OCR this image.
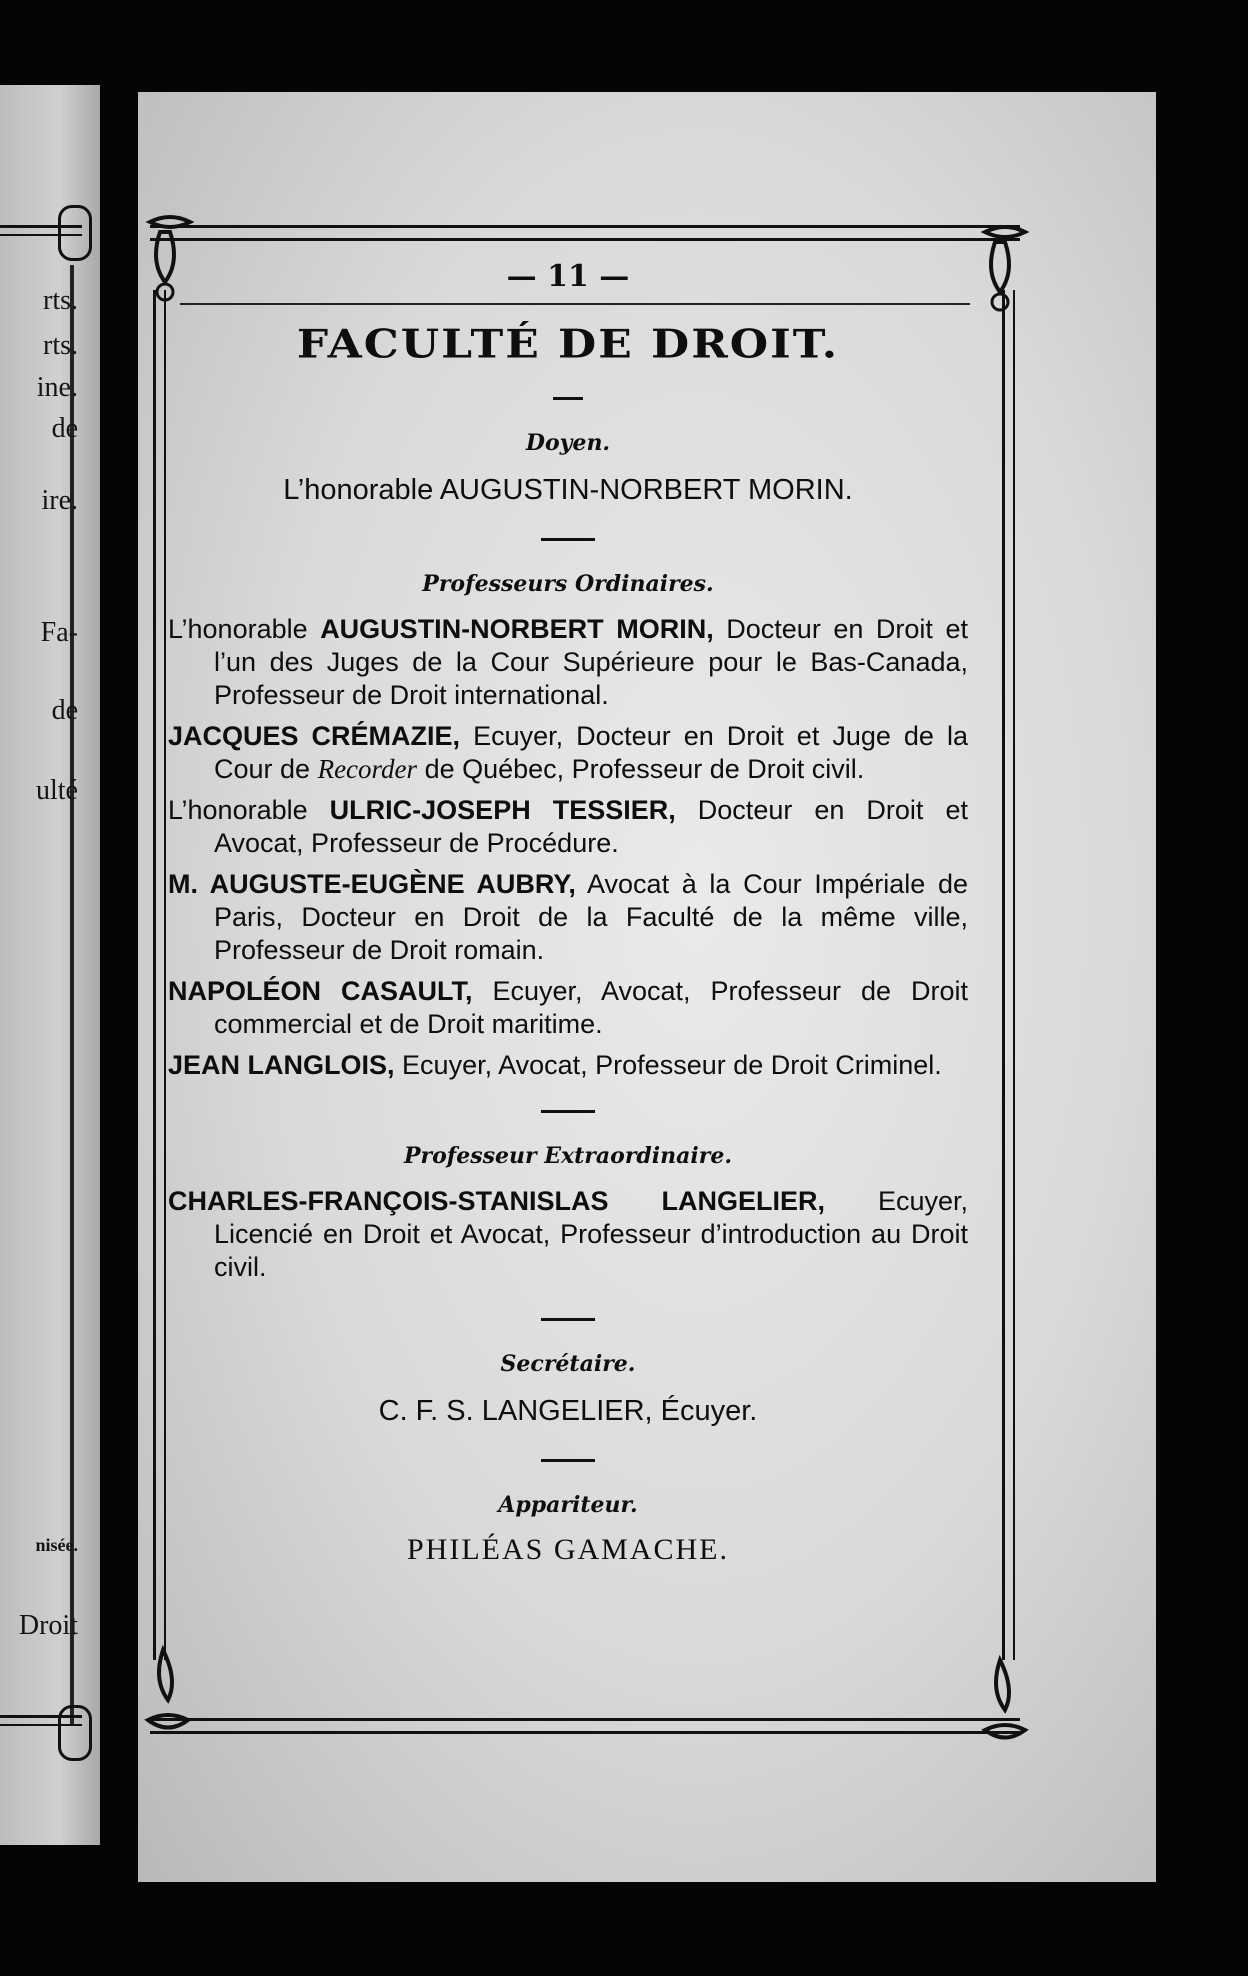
rts.
rts.
ine.
de
ire.
Fa-
de
ulté
nisée.
Droit

— 11 —

FACULTÉ DE DROIT.
Doyen.
L’honorable AUGUSTIN-NORBERT MORIN.
Professeurs Ordinaires.

L’honorable AUGUSTIN-NORBERT MORIN, Docteur en Droit et l’un des Juges de la Cour Supérieure pour le Bas-Canada, Professeur de Droit international.

JACQUES CRÉMAZIE, Ecuyer, Docteur en Droit et Juge de la Cour de Recorder de Québec, Professeur de Droit civil.

L’honorable ULRIC-JOSEPH TESSIER, Docteur en Droit et Avocat, Professeur de Procédure.

M. AUGUSTE-EUGÈNE AUBRY, Avocat à la Cour Impériale de Paris, Docteur en Droit de la Faculté de la même ville, Professeur de Droit romain.

NAPOLÉON CASAULT, Ecuyer, Avocat, Professeur de Droit commercial et de Droit maritime.

JEAN LANGLOIS, Ecuyer, Avocat, Professeur de Droit Criminel.

Professeur Extraordinaire.

CHARLES-FRANÇOIS-STANISLAS LANGELIER, Ecuyer, Licencié en Droit et Avocat, Professeur d’introduction au Droit civil.

Secrétaire.
C. F. S. LANGELIER, Écuyer.
Appariteur.
PHILÉAS GAMACHE.
